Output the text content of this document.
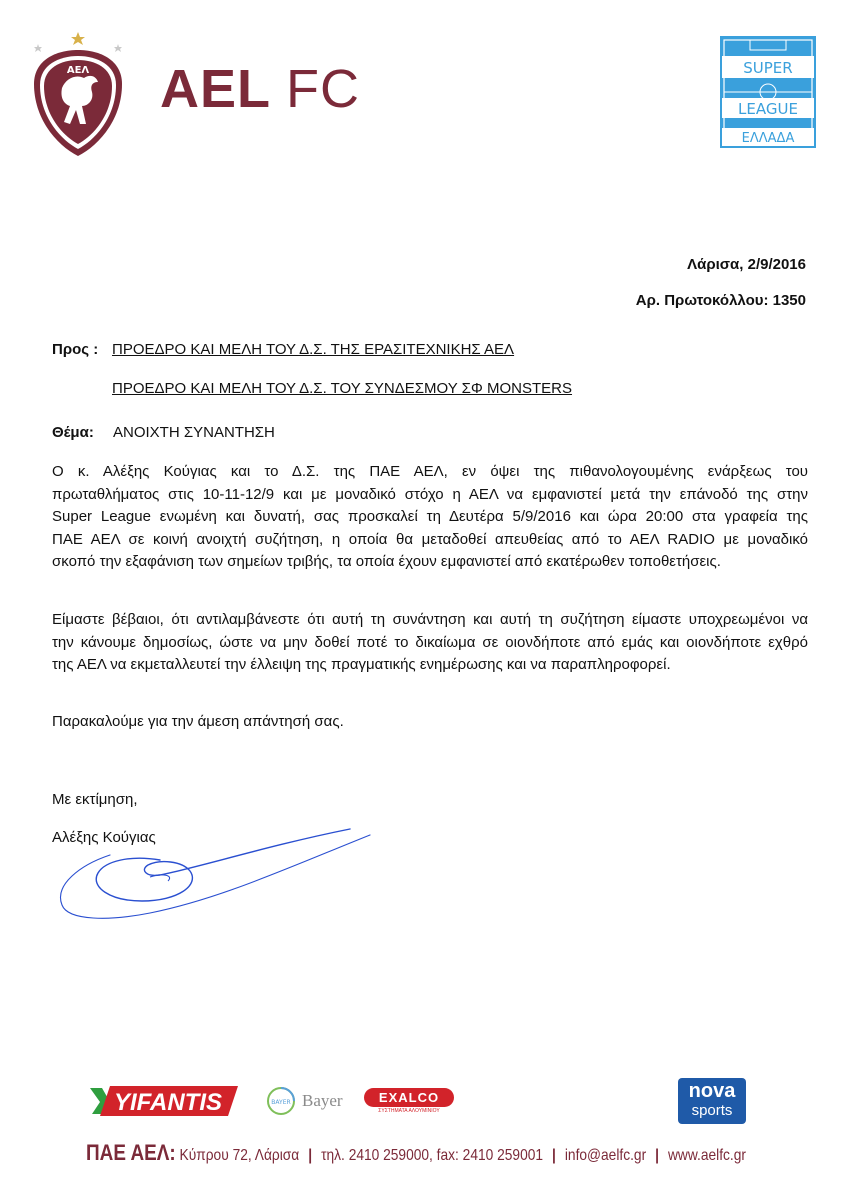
ΑΕΛ AEL FC	SUPER
LEAGUE
ΕΛΛΑΔΑ
Λάρισα, 2/9/2016
Αρ. Πρωτοκόλλου: 1350
Προς : ΠΡΟΕΔΡΟ ΚΑΙ ΜΕΛΗ ΤΟΥ Δ.Σ. ΤΗΣ ΕΡΑΣΙΤΕΧΝΙΚΗΣ ΑΕΛ
ΠΡΟΕΔΡΟ ΚΑΙ ΜΕΛΗ ΤΟΥ Δ.Σ. ΤΟΥ ΣΥΝΔΕΣΜΟΥ ΣΦ MONSTERS
Θέμα: ΑΝΟΙΧΤΗ ΣΥΝΑΝΤΗΣΗ
Ο κ. Αλέξης Κούγιας και το Δ.Σ. της ΠΑΕ ΑΕΛ, εν όψει της πιθανολογουμένης ενάρξεως του
πρωταθλήματος στις 10-11-12/9 και με μοναδικό στόχο η ΑΕΛ να εμφανιστεί μετά την επάνοδό της στην
Super League ενωμένη και δυνατή, σας προσκαλεί τη Δευτέρα 5/9/2016 και ώρα 20:00 στα γραφεία της
ΠΑΕ ΑΕΛ σε κοινή ανοιχτή συζήτηση, η οποία θα μεταδοθεί απευθείας από το ΑΕΛ RADIO με μοναδικό
σκοπό την εξαφάνιση των σημείων τριβής, τα οποία έχουν εμφανιστεί από εκατέρωθεν τοποθετήσεις.
Είμαστε βέβαιοι, ότι αντιλαμβάνεστε ότι αυτή τη συνάντηση και αυτή τη συζήτηση είμαστε υποχρεωμένοι να
την κάνουμε δημοσίως, ώστε να μην δοθεί ποτέ το δικαίωμα σε οιονδήποτε από εμάς και οιονδήποτε εχθρό
της ΑΕΛ να εκμεταλλευτεί την έλλειψη της πραγματικής ενημέρωσης και να παραπληροφορεί.
Παρακαλούμε για την άμεση απάντησή σας.
Με εκτίμηση,
Αλέξης Κούγιας
YIFANTIS	BAYER Bayer	EXALCO
ΣΥΣΤΗΜΑΤΑ ΑΛΟΥΜΙΝΙΟΥ
nova
sports
ΠΑΕ ΑΕΛ: Κύπρου 72, Λάρισα | τηλ. 2410 259000, fax: 2410 259001 | info@aelfc.gr | www.aelfc.gr
